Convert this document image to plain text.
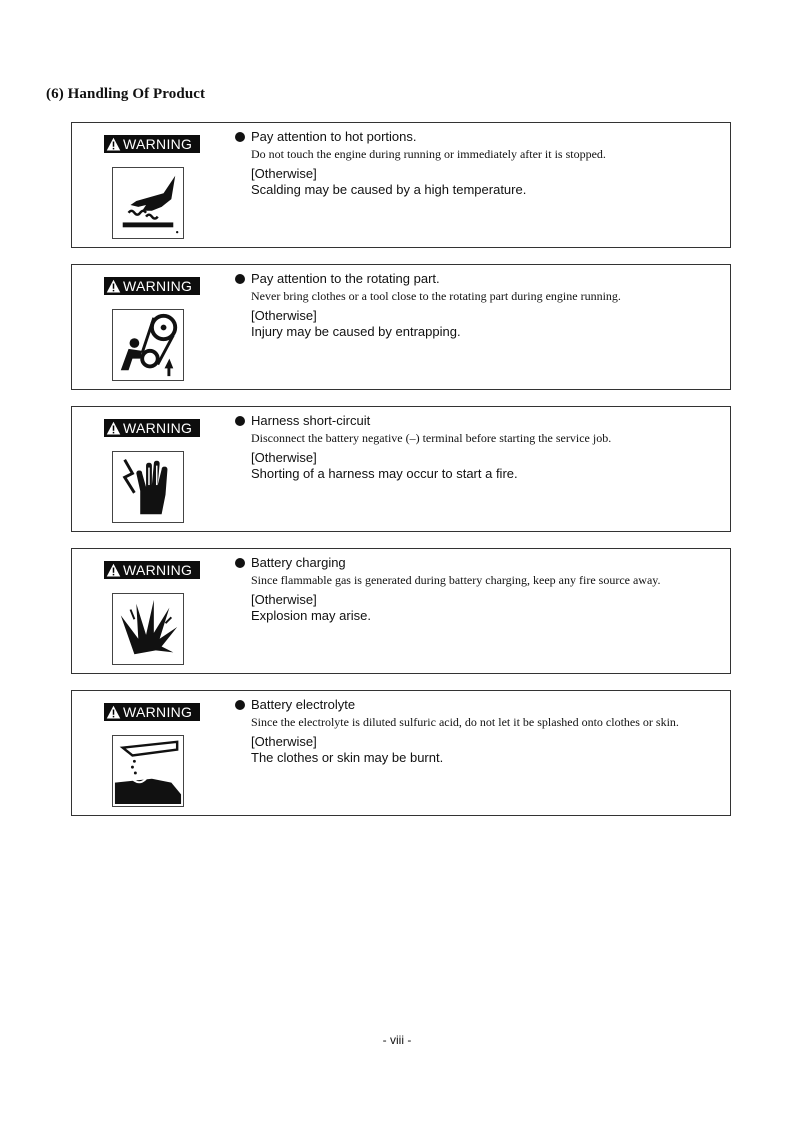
(6) Handling Of Product
WARNING	Pay attention to hot portions.
Do not touch the engine during running or immediately after it is stopped.
[Otherwise]
Scalding may be caused by a high temperature.
WARNING	Pay attention to the rotating part.
Never bring clothes or a tool close to the rotating part during engine running.
[Otherwise]
Injury may be caused by entrapping.
WARNING	Harness short-circuit
Disconnect the battery negative (–) terminal before starting the service job.
[Otherwise]
Shorting of a harness may occur to start a fire.
WARNING	Battery charging
Since flammable gas is generated during battery charging, keep any fire source away.
[Otherwise]
Explosion may arise.
WARNING	Battery electrolyte
Since the electrolyte is diluted sulfuric acid, do not let it be splashed onto clothes or skin.
[Otherwise]
The clothes or skin may be burnt.
- viii -
